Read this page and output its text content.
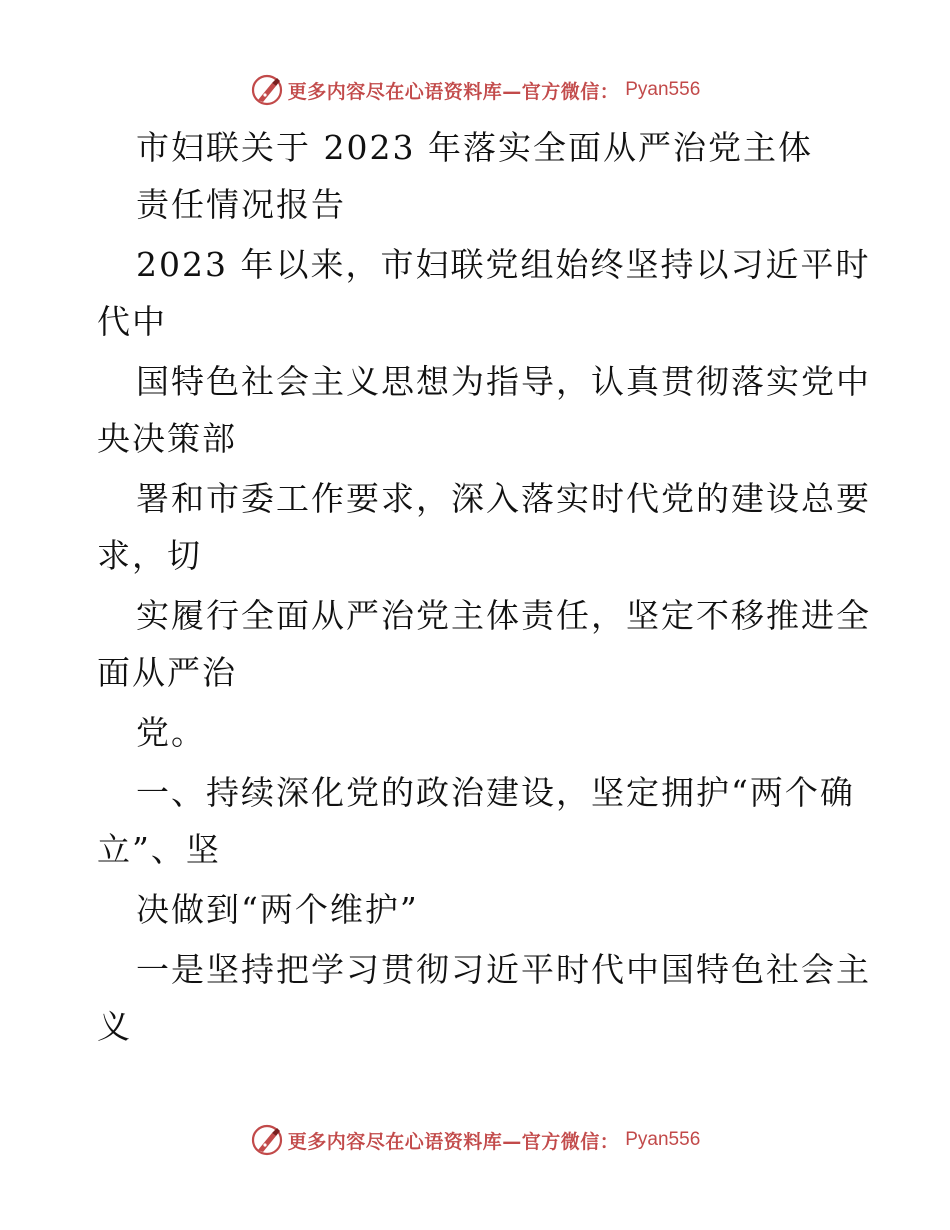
更多内容尽在心语资料库—官方微信： Pyan556
市妇联关于 2023 年落实全面从严治党主体
责任情况报告
2023 年以来，市妇联党组始终坚持以习近平时
代中
国特色社会主义思想为指导，认真贯彻落实党中
央决策部
署和市委工作要求，深入落实时代党的建设总要
求，切
实履行全面从严治党主体责任，坚定不移推进全
面从严治
党。
一、持续深化党的政治建设，坚定拥护“两个确
立”、坚
决做到“两个维护”
一是坚持把学习贯彻习近平时代中国特色社会主
义
更多内容尽在心语资料库—官方微信： Pyan556
